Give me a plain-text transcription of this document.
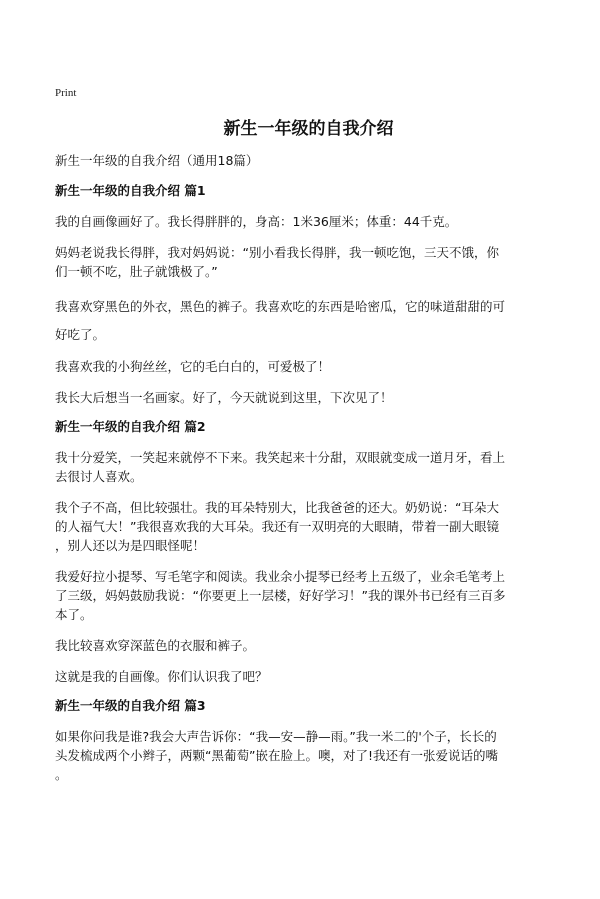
Print
新生一年级的自我介绍
新生一年级的自我介绍（通用18篇）
新生一年级的自我介绍 篇1
我的自画像画好了。我长得胖胖的，身高：1米36厘米；体重：44千克。
妈妈老说我长得胖，我对妈妈说：“别小看我长得胖，我一顿吃饱，三天不饿，你
们一顿不吃，肚子就饿极了。”
我喜欢穿黑色的外衣，黑色的裤子。我喜欢吃的东西是哈密瓜，它的味道甜甜的可
好吃了。
我喜欢我的小狗丝丝，它的毛白白的，可爱极了！
我长大后想当一名画家。好了，今天就说到这里，下次见了！
新生一年级的自我介绍 篇2
我十分爱笑，一笑起来就停不下来。我笑起来十分甜，双眼就变成一道月牙，看上
去很讨人喜欢。
我个子不高，但比较强壮。我的耳朵特别大，比我爸爸的还大。奶奶说：“耳朵大
的人福气大！”我很喜欢我的大耳朵。我还有一双明亮的大眼睛，带着一副大眼镜
，别人还以为是四眼怪呢！
我爱好拉小提琴、写毛笔字和阅读。我业余小提琴已经考上五级了，业余毛笔考上
了三级，妈妈鼓励我说：“你要更上一层楼，好好学习！”我的课外书已经有三百多
本了。
我比较喜欢穿深蓝色的衣服和裤子。
这就是我的自画像。你们认识我了吧？
新生一年级的自我介绍 篇3
如果你问我是谁?我会大声告诉你：“我—安—静—雨。”我一米二的'个子，长长的
头发梳成两个小辫子，两颗“黑葡萄”嵌在脸上。噢，对了!我还有一张爱说话的嘴
。
